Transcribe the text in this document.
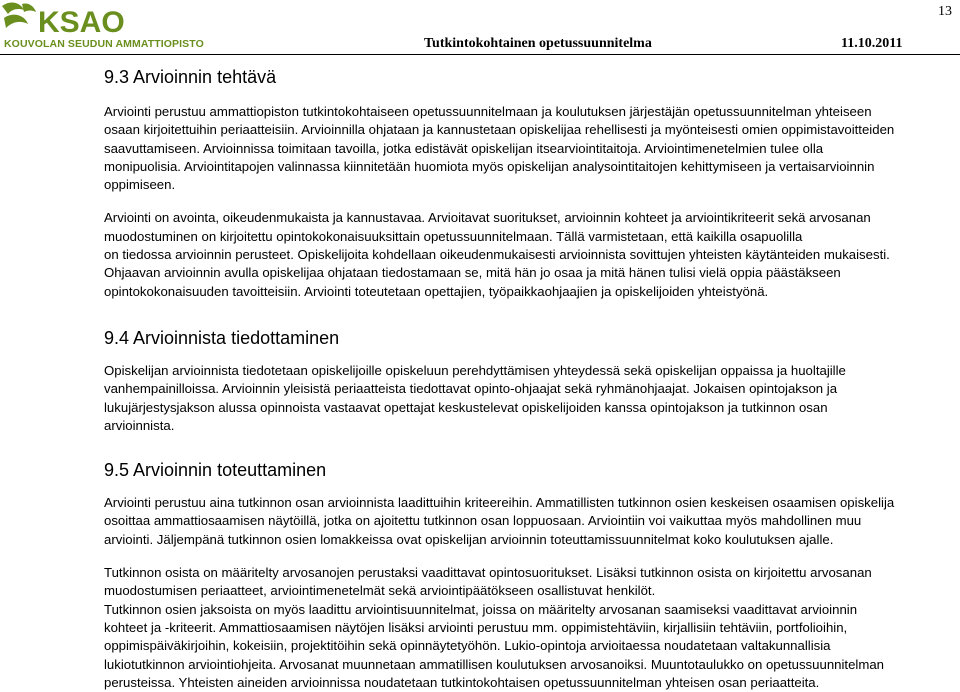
KSAO
KOUVOLAN SEUDUN AMMATTIOPISTO	Tutkintokohtainen opetussuunnitelma	11.10.2011
13
9.3 Arvioinnin tehtävä
Arviointi perustuu ammattiopiston tutkintokohtaiseen opetussuunnitelmaan ja koulutuksen järjestäjän opetussuunnitelman yhteiseen
osaan kirjoitettuihin periaatteisiin. Arvioinnilla ohjataan ja kannustetaan opiskelijaa rehellisesti ja myönteisesti omien oppimistavoitteiden
saavuttamiseen. Arvioinnissa toimitaan tavoilla, jotka edistävät opiskelijan itsearviointitaitoja. Arviointimenetelmien tulee olla
monipuolisia. Arviointitapojen valinnassa kiinnitetään huomiota myös opiskelijan analysointitaitojen kehittymiseen ja vertaisarvioinnin
oppimiseen.
Arviointi on avointa, oikeudenmukaista ja kannustavaa. Arvioitavat suoritukset, arvioinnin kohteet ja arviointikriteerit sekä arvosanan
muodostuminen on kirjoitettu opintokokonaisuuksittain opetussuunnitelmaan. Tällä varmistetaan, että kaikilla osapuolilla
on tiedossa arvioinnin perusteet. Opiskelijoita kohdellaan oikeudenmukaisesti arvioinnista sovittujen yhteisten käytänteiden mukaisesti.
Ohjaavan arvioinnin avulla opiskelijaa ohjataan tiedostamaan se, mitä hän jo osaa ja mitä hänen tulisi vielä oppia päästäkseen
opintokokonaisuuden tavoitteisiin. Arviointi toteutetaan opettajien, työpaikkaohjaajien ja opiskelijoiden yhteistyönä.
9.4 Arvioinnista tiedottaminen
Opiskelijan arvioinnista tiedotetaan opiskelijoille opiskeluun perehdyttämisen yhteydessä sekä opiskelijan oppaissa ja huoltajille
vanhempainilloissa. Arvioinnin yleisistä periaatteista tiedottavat opinto-ohjaajat sekä ryhmänohjaajat. Jokaisen opintojakson ja
lukujärjestysjakson alussa opinnoista vastaavat opettajat keskustelevat opiskelijoiden kanssa opintojakson ja tutkinnon osan
arvioinnista.
9.5 Arvioinnin toteuttaminen
Arviointi perustuu aina tutkinnon osan arvioinnista laadittuihin kriteereihin. Ammatillisten tutkinnon osien keskeisen osaamisen opiskelija
osoittaa ammattiosaamisen näytöillä, jotka on ajoitettu tutkinnon osan loppuosaan. Arviointiin voi vaikuttaa myös mahdollinen muu
arviointi. Jäljempänä tutkinnon osien lomakkeissa ovat opiskelijan arvioinnin toteuttamissuunnitelmat koko koulutuksen ajalle.
Tutkinnon osista on määritelty arvosanojen perustaksi vaadittavat opintosuoritukset. Lisäksi tutkinnon osista on kirjoitettu arvosanan
muodostumisen periaatteet, arviointimenetelmät sekä arviointipäätökseen osallistuvat henkilöt.
Tutkinnon osien jaksoista on myös laadittu arviointisuunnitelmat, joissa on määritelty arvosanan saamiseksi vaadittavat arvioinnin
kohteet ja -kriteerit. Ammattiosaamisen näytöjen lisäksi arviointi perustuu mm. oppimistehtäviin, kirjallisiin tehtäviin, portfolioihin,
oppimispäiväkirjoihin, kokeisiin, projektitöihin sekä opinnäytetyöhön. Lukio-opintoja arvioitaessa noudatetaan valtakunnallisia
lukiotutkinnon arviointiohjeita. Arvosanat muunnetaan ammatillisen koulutuksen arvosanoiksi. Muuntotaulukko on opetussuunnitelman
perusteissa. Yhteisten aineiden arvioinnissa noudatetaan tutkintokohtaisen opetussuunnitelman yhteisen osan periaatteita.
